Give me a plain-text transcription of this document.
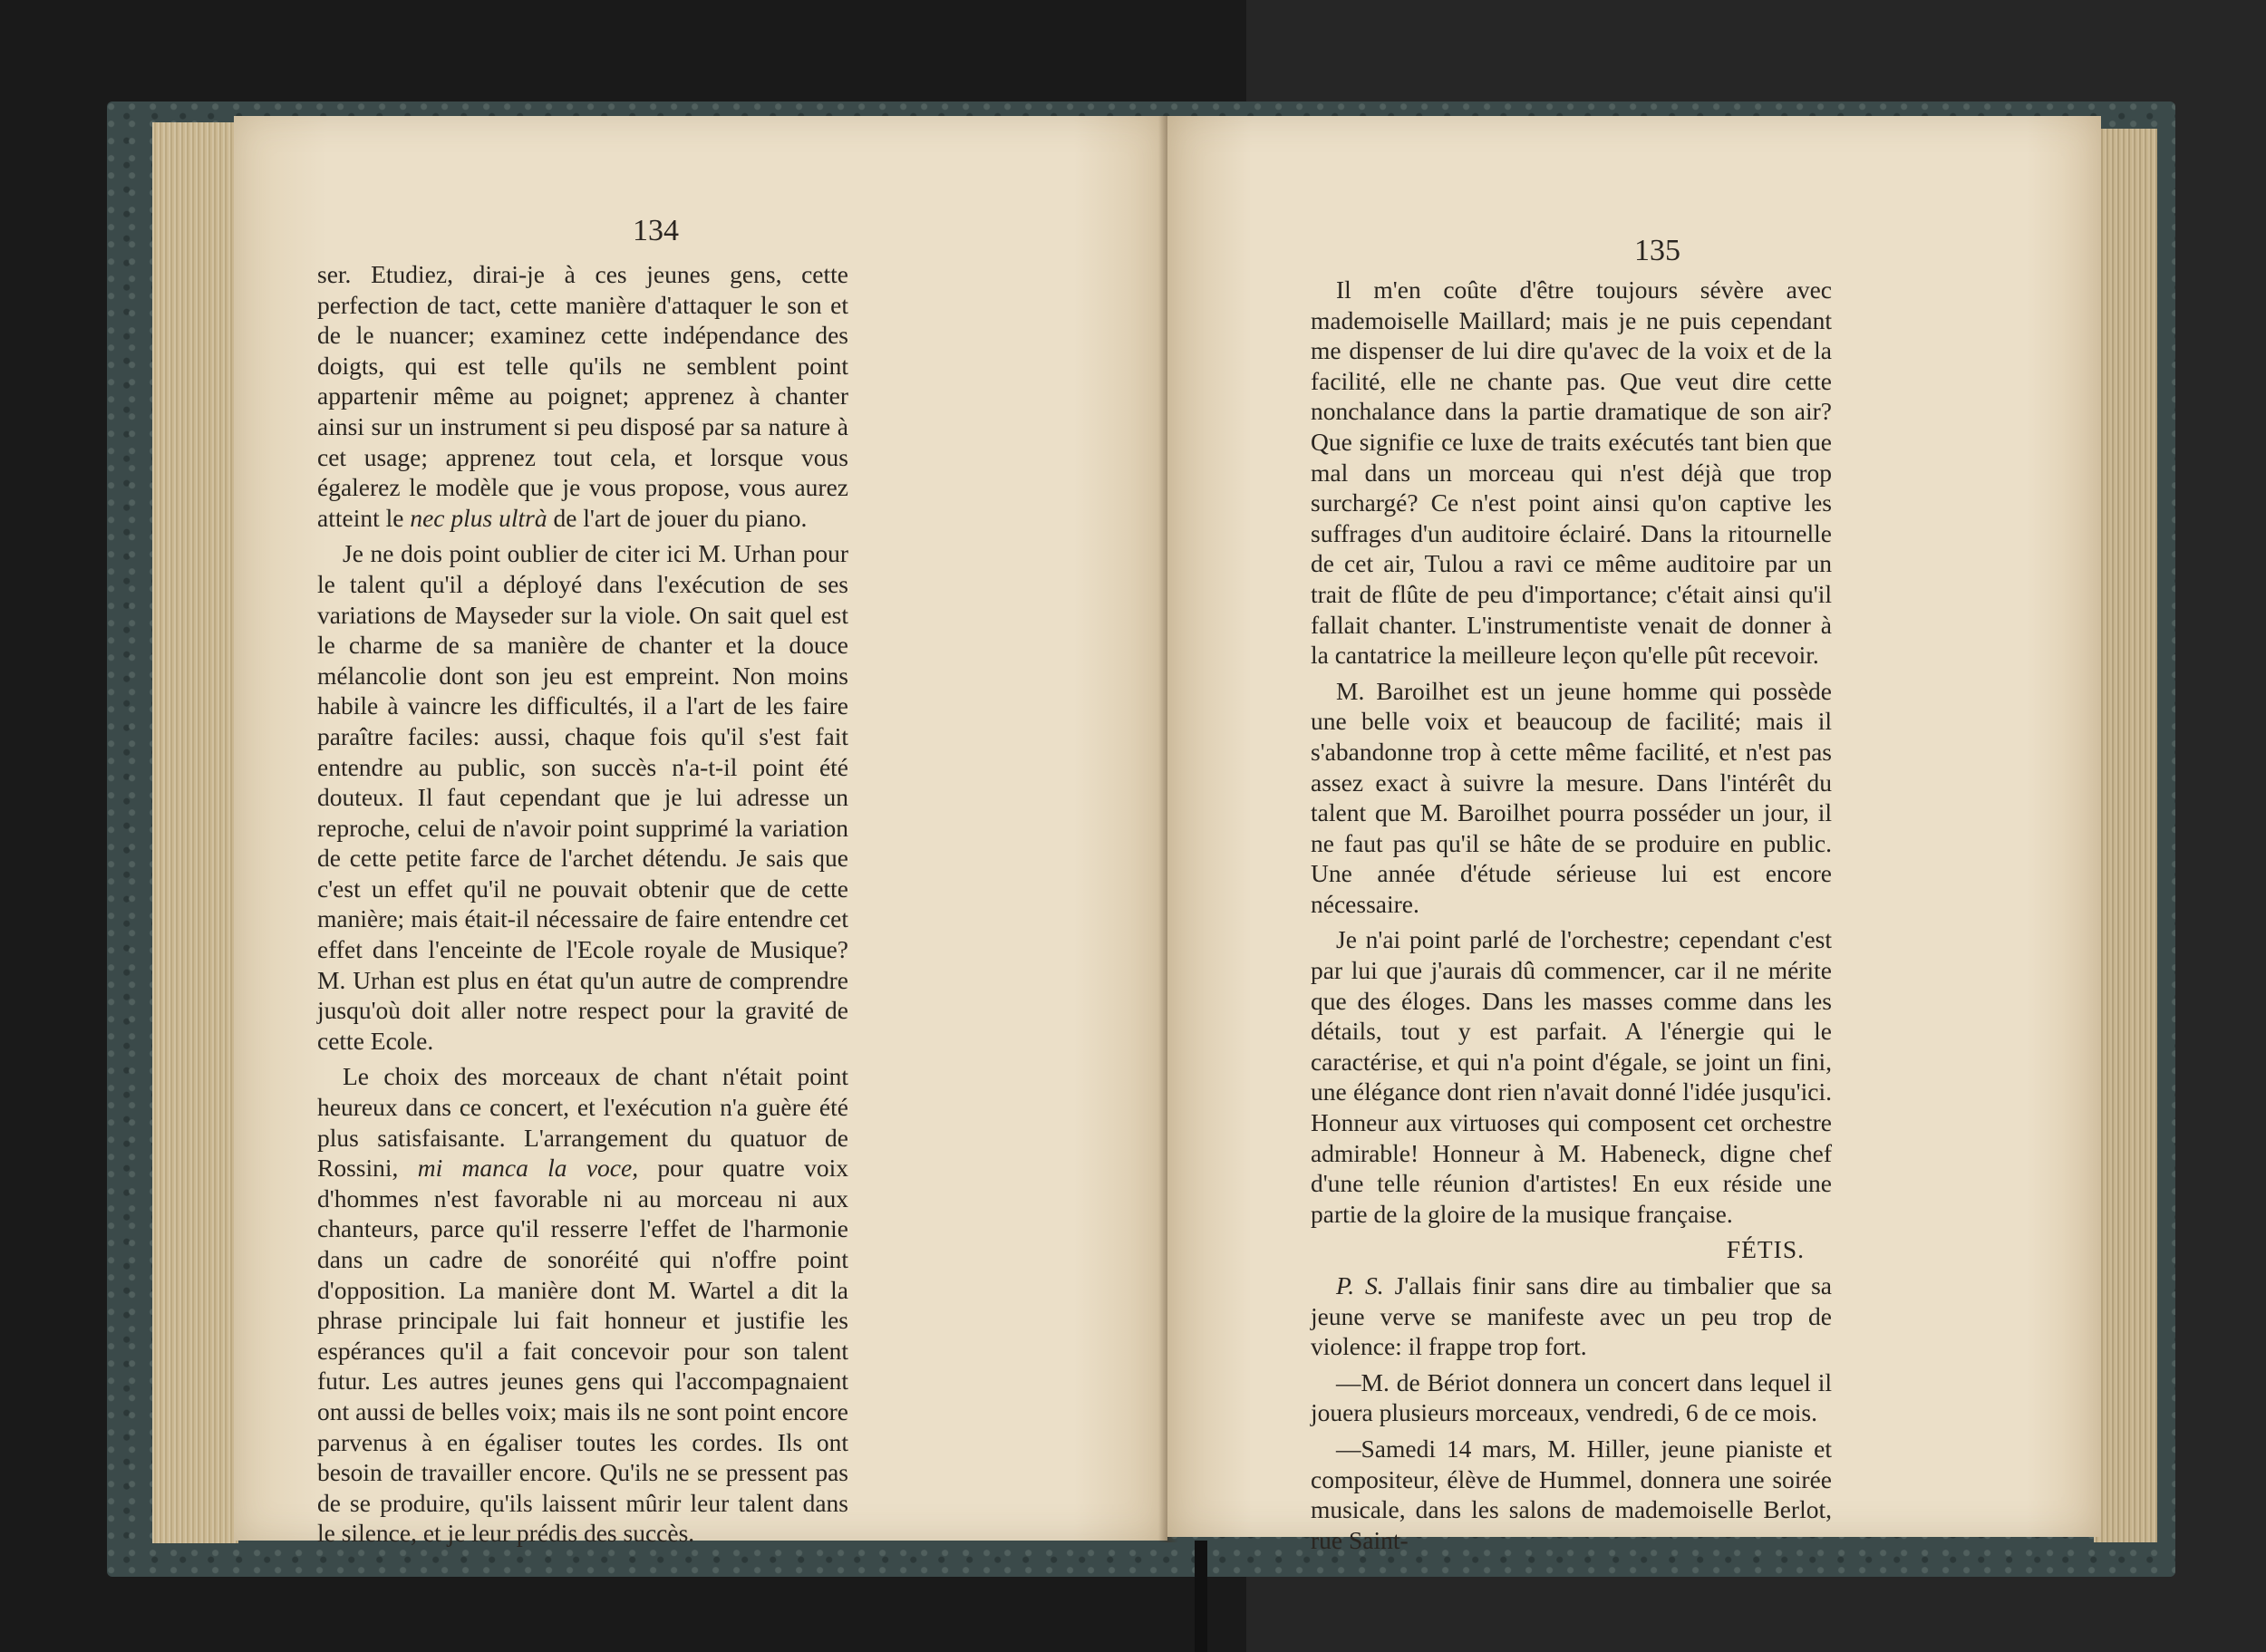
134

ser. Etudiez, dirai-je à ces jeunes gens, cette perfection de tact, cette manière d'attaquer le son et de le nuancer; examinez cette indépendance des doigts, qui est telle qu'ils ne semblent point appartenir même au poignet; apprenez à chanter ainsi sur un instrument si peu disposé par sa nature à cet usage; apprenez tout cela, et lorsque vous égalerez le modèle que je vous propose, vous aurez atteint le nec plus ultrà de l'art de jouer du piano.

Je ne dois point oublier de citer ici M. Urhan pour le talent qu'il a déployé dans l'exécution de ses variations de Mayseder sur la viole. On sait quel est le charme de sa manière de chanter et la douce mélancolie dont son jeu est empreint. Non moins habile à vaincre les difficultés, il a l'art de les faire paraître faciles: aussi, chaque fois qu'il s'est fait entendre au public, son succès n'a-t-il point été douteux. Il faut cependant que je lui adresse un reproche, celui de n'avoir point supprimé la variation de cette petite farce de l'archet détendu. Je sais que c'est un effet qu'il ne pouvait obtenir que de cette manière; mais était-il nécessaire de faire entendre cet effet dans l'enceinte de l'Ecole royale de Musique? M. Urhan est plus en état qu'un autre de comprendre jusqu'où doit aller notre respect pour la gravité de cette Ecole.

Le choix des morceaux de chant n'était point heureux dans ce concert, et l'exécution n'a guère été plus satisfaisante. L'arrangement du quatuor de Rossini, mi manca la voce, pour quatre voix d'hommes n'est favorable ni au morceau ni aux chanteurs, parce qu'il resserre l'effet de l'harmonie dans un cadre de sonoréité qui n'offre point d'opposition. La manière dont M. Wartel a dit la phrase principale lui fait honneur et justifie les espérances qu'il a fait concevoir pour son talent futur. Les autres jeunes gens qui l'accompagnaient ont aussi de belles voix; mais ils ne sont point encore parvenus à en égaliser toutes les cordes. Ils ont besoin de travailler encore. Qu'ils ne se pressent pas de se produire, qu'ils laissent mûrir leur talent dans le silence, et je leur prédis des succès.

135

Il m'en coûte d'être toujours sévère avec mademoiselle Maillard; mais je ne puis cependant me dispenser de lui dire qu'avec de la voix et de la facilité, elle ne chante pas. Que veut dire cette nonchalance dans la partie dramatique de son air? Que signifie ce luxe de traits exécutés tant bien que mal dans un morceau qui n'est déjà que trop surchargé? Ce n'est point ainsi qu'on captive les suffrages d'un auditoire éclairé. Dans la ritournelle de cet air, Tulou a ravi ce même auditoire par un trait de flûte de peu d'importance; c'était ainsi qu'il fallait chanter. L'instrumentiste venait de donner à la cantatrice la meilleure leçon qu'elle pût recevoir.

M. Baroilhet est un jeune homme qui possède une belle voix et beaucoup de facilité; mais il s'abandonne trop à cette même facilité, et n'est pas assez exact à suivre la mesure. Dans l'intérêt du talent que M. Baroilhet pourra posséder un jour, il ne faut pas qu'il se hâte de se produire en public. Une année d'étude sérieuse lui est encore nécessaire.

Je n'ai point parlé de l'orchestre; cependant c'est par lui que j'aurais dû commencer, car il ne mérite que des éloges. Dans les masses comme dans les détails, tout y est parfait. A l'énergie qui le caractérise, et qui n'a point d'égale, se joint un fini, une élégance dont rien n'avait donné l'idée jusqu'ici. Honneur aux virtuoses qui composent cet orchestre admirable! Honneur à M. Habeneck, digne chef d'une telle réunion d'artistes! En eux réside une partie de la gloire de la musique française.

FÉTIS.

P. S. J'allais finir sans dire au timbalier que sa jeune verve se manifeste avec un peu trop de violence: il frappe trop fort.

—M. de Bériot donnera un concert dans lequel il jouera plusieurs morceaux, vendredi, 6 de ce mois.

—Samedi 14 mars, M. Hiller, jeune pianiste et compositeur, élève de Hummel, donnera une soirée musicale, dans les salons de mademoiselle Berlot, rue Saint-
